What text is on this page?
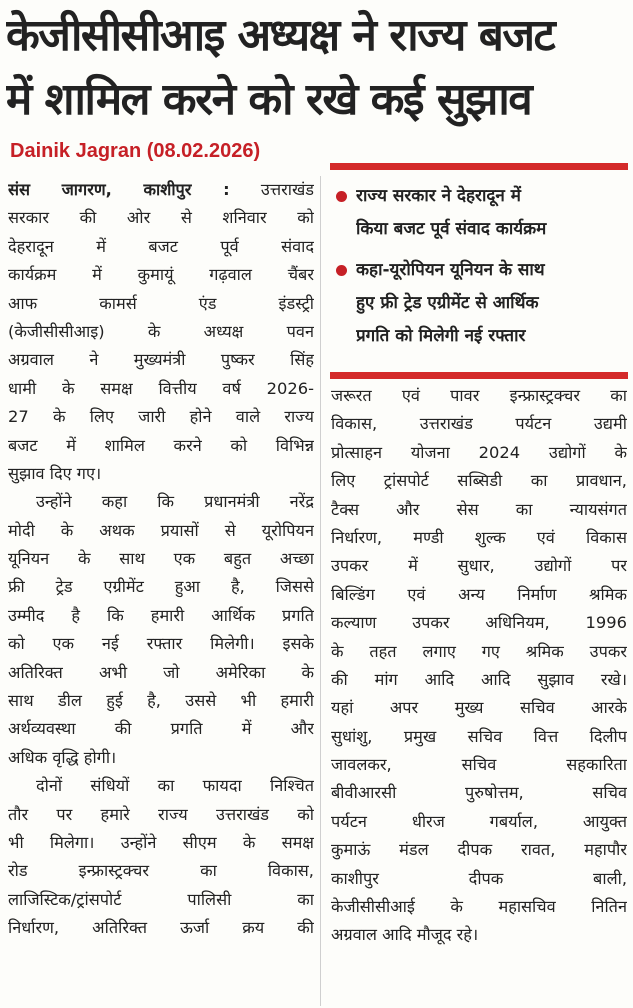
केजीसीसीआइ अध्यक्ष ने राज्य बजट
में शामिल करने को रखे कई सुझाव
Dainik Jagran (08.02.2026)
राज्य सरकार ने देहरादून में
किया बजट पूर्व संवाद कार्यक्रम
कहा-यूरोपियन यूनियन के साथ
हुए फ्री ट्रेड एग्रीमेंट से आर्थिक
प्रगति को मिलेगी नई रफ्तार
संस जागरण, काशीपुर : उत्तराखंड
सरकार की ओर से शनिवार को
देहरादून में बजट पूर्व संवाद
कार्यक्रम में कुमायूं गढ़वाल चैंबर
आफ कामर्स एंड इंडस्ट्री
(केजीसीसीआइ) के अध्यक्ष पवन
अग्रवाल ने मुख्यमंत्री पुष्कर सिंह
धामी के समक्ष वित्तीय वर्ष 2026-
27 के लिए जारी होने वाले राज्य
बजट में शामिल करने को विभिन्न
सुझाव दिए गए।
उन्होंने कहा कि प्रधानमंत्री नरेंद्र
मोदी के अथक प्रयासों से यूरोपियन
यूनियन के साथ एक बहुत अच्छा
फ्री ट्रेड एग्रीमेंट हुआ है, जिससे
उम्मीद है कि हमारी आर्थिक प्रगति
को एक नई रफ्तार मिलेगी। इसके
अतिरिक्त अभी जो अमेरिका के
साथ डील हुई है, उससे भी हमारी
अर्थव्यवस्था की प्रगति में और
अधिक वृद्धि होगी।
दोनों संधियों का फायदा निश्चित
तौर पर हमारे राज्य उत्तराखंड को
भी मिलेगा। उन्होंने सीएम के समक्ष
रोड इन्फ्रास्ट्रक्चर का विकास,
लाजिस्टिक/ट्रांसपोर्ट पालिसी का
निर्धारण, अतिरिक्त ऊर्जा क्रय की
जरूरत एवं पावर इन्फ्रास्ट्रक्चर का
विकास, उत्तराखंड पर्यटन उद्यमी
प्रोत्साहन योजना 2024 उद्योगों के
लिए ट्रांसपोर्ट सब्सिडी का प्रावधान,
टैक्स और सेस का न्यायसंगत
निर्धारण, मण्डी शुल्क एवं विकास
उपकर में सुधार, उद्योगों पर
बिल्डिंग एवं अन्य निर्माण श्रमिक
कल्याण उपकर अधिनियम, 1996
के तहत लगाए गए श्रमिक उपकर
की मांग आदि आदि सुझाव रखे।
यहां अपर मुख्य सचिव आरके
सुधांशु, प्रमुख सचिव वित्त दिलीप
जावलकर, सचिव सहकारिता
बीवीआरसी पुरुषोत्तम, सचिव
पर्यटन धीरज गबर्याल, आयुक्त
कुमाऊं मंडल दीपक रावत, महापौर
काशीपुर दीपक बाली,
केजीसीसीआई के महासचिव नितिन
अग्रवाल आदि मौजूद रहे।
